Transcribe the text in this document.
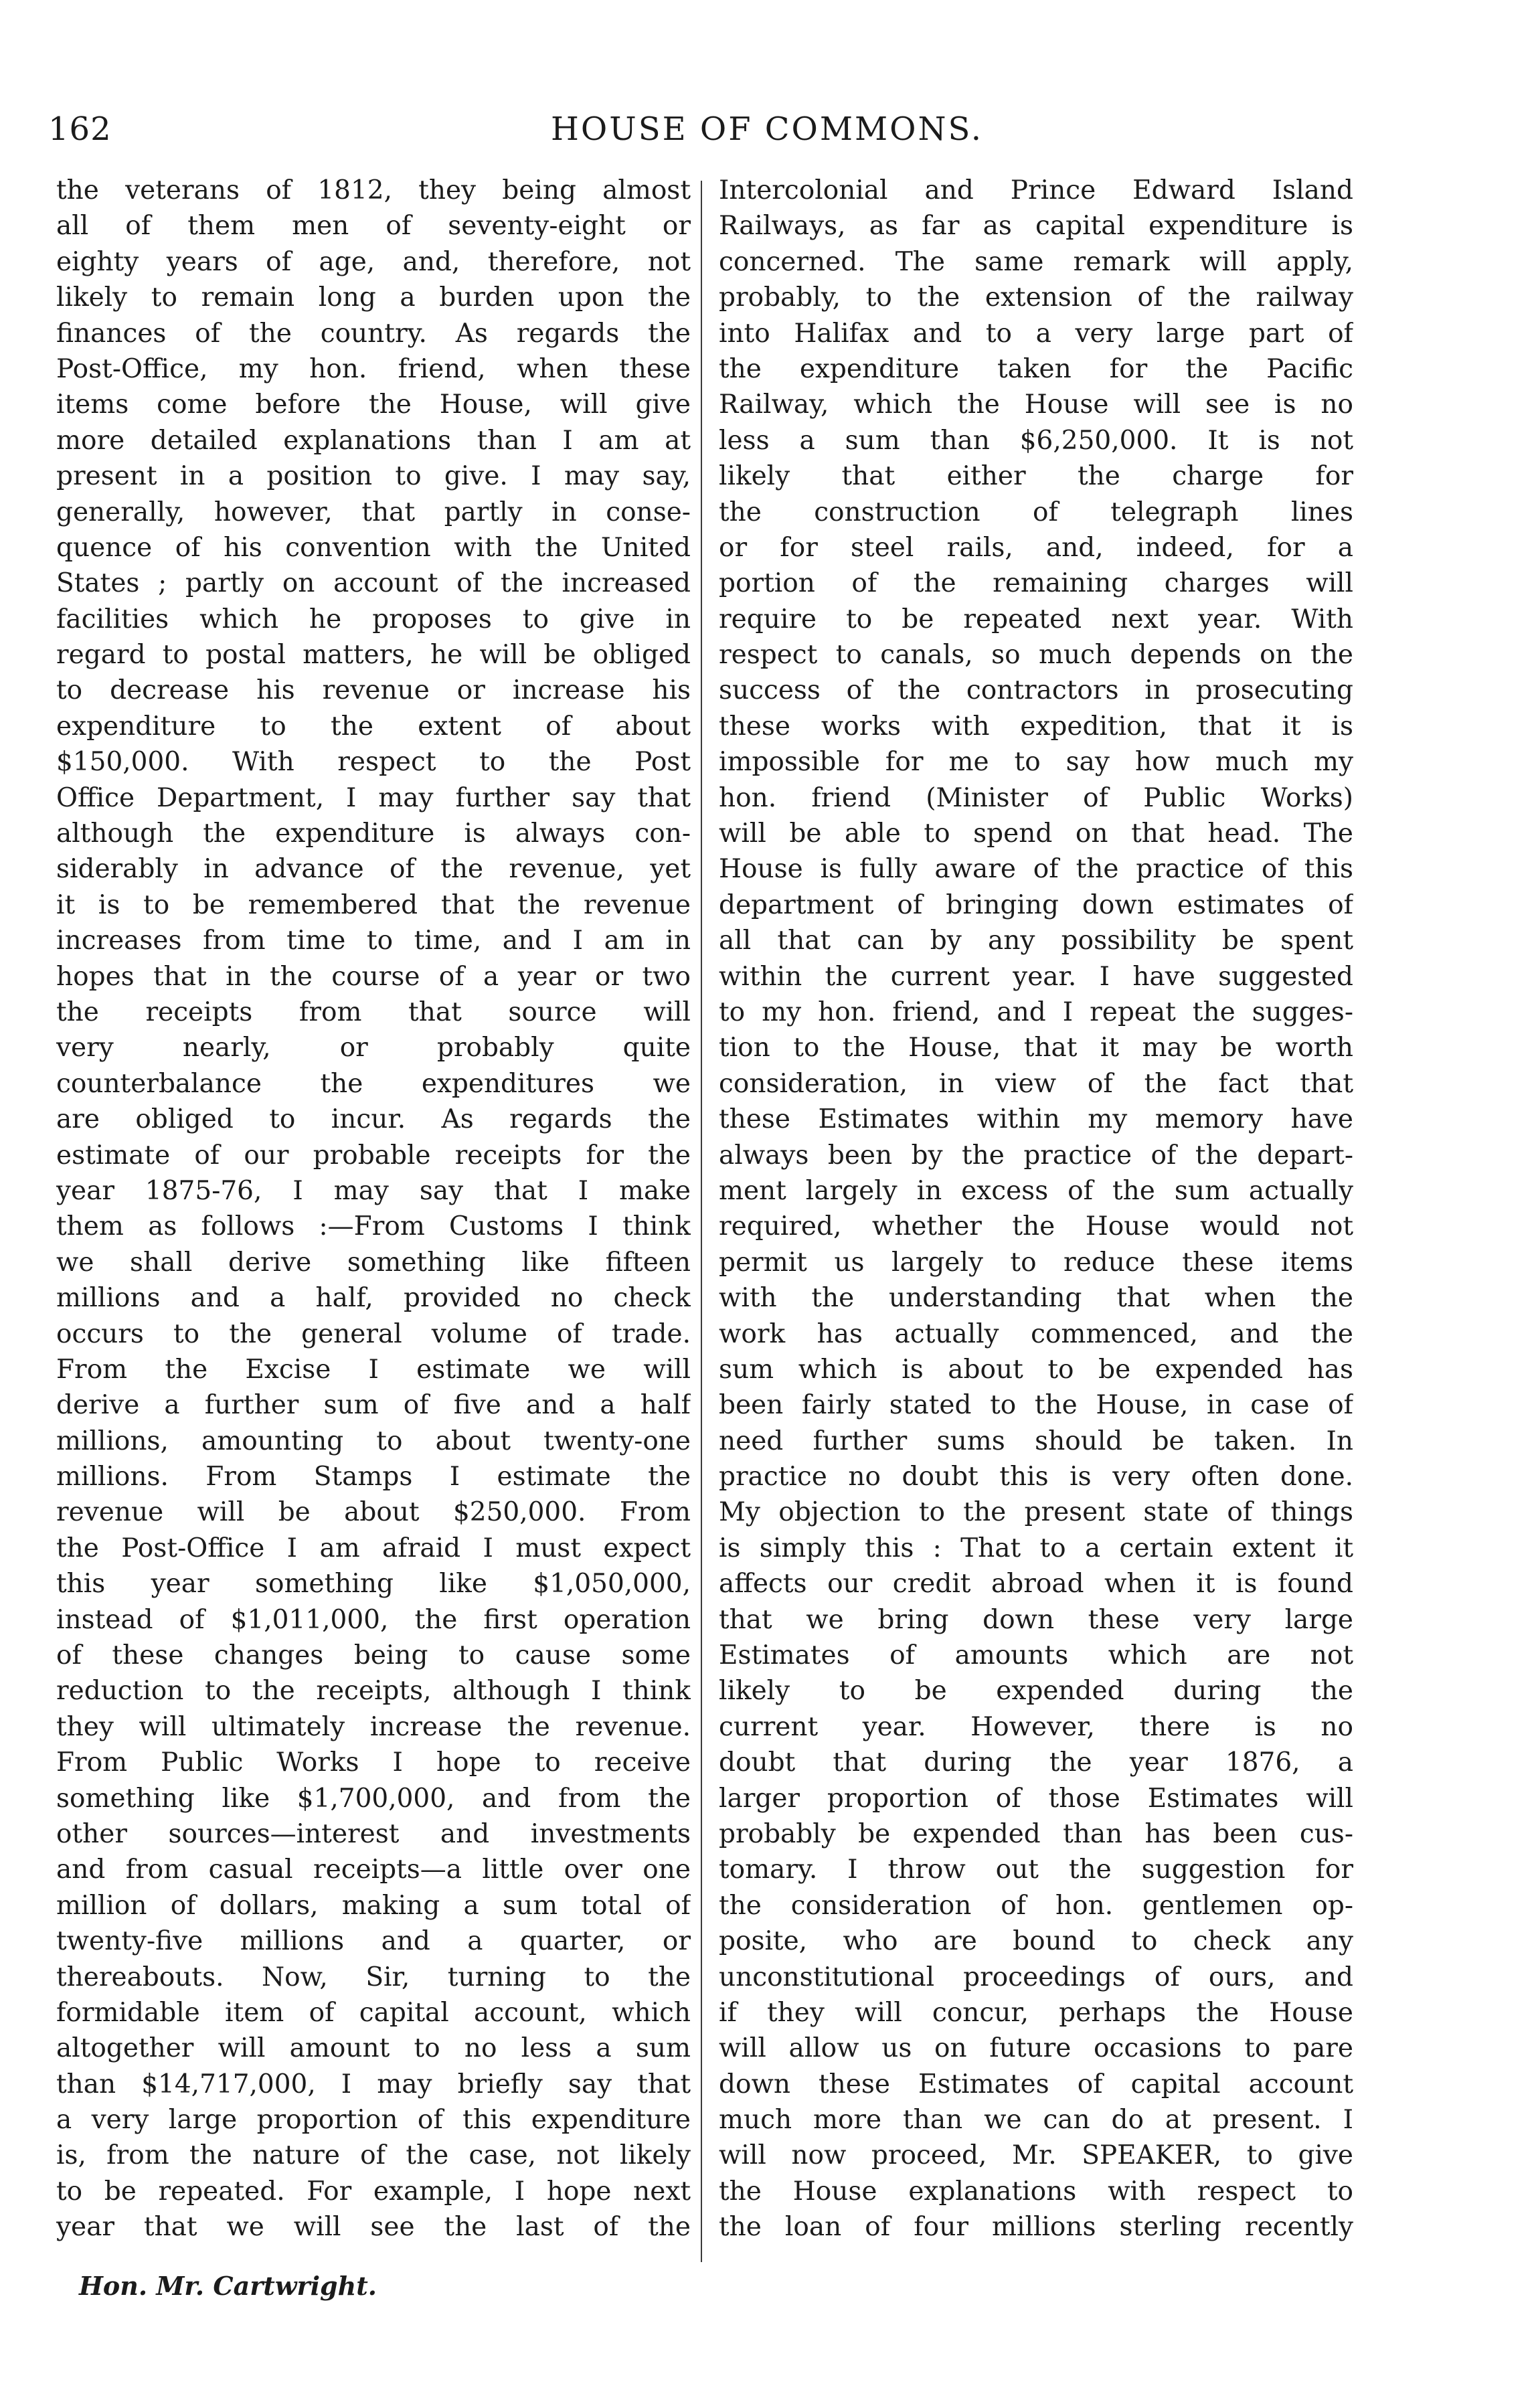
162	HOUSE OF COMMONS.
the veterans of 1812, they being almost
all of them men of seventy-eight or
eighty years of age, and, therefore, not
likely to remain long a burden upon the
finances of the country. As regards the
Post-Office, my hon. friend, when these
items come before the House, will give
more detailed explanations than I am at
present in a position to give. I may say,
generally, however, that partly in conse-
quence of his convention with the United
States ; partly on account of the increased
facilities which he proposes to give in
regard to postal matters, he will be obliged
to decrease his revenue or increase his
expenditure to the extent of about
$150,000. With respect to the Post
Office Department, I may further say that
although the expenditure is always con-
siderably in advance of the revenue, yet
it is to be remembered that the revenue
increases from time to time, and I am in
hopes that in the course of a year or two
the receipts from that source will
very nearly, or probably quite
counterbalance the expenditures we
are obliged to incur. As regards the
estimate of our probable receipts for the
year 1875-76, I may say that I make
them as follows :—From Customs I think
we shall derive something like fifteen
millions and a half, provided no check
occurs to the general volume of trade.
From the Excise I estimate we will
derive a further sum of five and a half
millions, amounting to about twenty-one
millions. From Stamps I estimate the
revenue will be about $250,000. From
the Post-Office I am afraid I must expect
this year something like $1,050,000,
instead of $1,011,000, the first operation
of these changes being to cause some
reduction to the receipts, although I think
they will ultimately increase the revenue.
From Public Works I hope to receive
something like $1,700,000, and from the
other sources—interest and investments
and from casual receipts—a little over one
million of dollars, making a sum total of
twenty-five millions and a quarter, or
thereabouts. Now, Sir, turning to the
formidable item of capital account, which
altogether will amount to no less a sum
than $14,717,000, I may briefly say that
a very large proportion of this expenditure
is, from the nature of the case, not likely
to be repeated. For example, I hope next
year that we will see the last of the
Intercolonial and Prince Edward Island
Railways, as far as capital expenditure is
concerned. The same remark will apply,
probably, to the extension of the railway
into Halifax and to a very large part of
the expenditure taken for the Pacific
Railway, which the House will see is no
less a sum than $6,250,000. It is not
likely that either the charge for
the construction of telegraph lines
or for steel rails, and, indeed, for a
portion of the remaining charges will
require to be repeated next year. With
respect to canals, so much depends on the
success of the contractors in prosecuting
these works with expedition, that it is
impossible for me to say how much my
hon. friend (Minister of Public Works)
will be able to spend on that head. The
House is fully aware of the practice of this
department of bringing down estimates of
all that can by any possibility be spent
within the current year. I have suggested
to my hon. friend, and I repeat the sugges-
tion to the House, that it may be worth
consideration, in view of the fact that
these Estimates within my memory have
always been by the practice of the depart-
ment largely in excess of the sum actually
required, whether the House would not
permit us largely to reduce these items
with the understanding that when the
work has actually commenced, and the
sum which is about to be expended has
been fairly stated to the House, in case of
need further sums should be taken. In
practice no doubt this is very often done.
My objection to the present state of things
is simply this : That to a certain extent it
affects our credit abroad when it is found
that we bring down these very large
Estimates of amounts which are not
likely to be expended during the
current year. However, there is no
doubt that during the year 1876, a
larger proportion of those Estimates will
probably be expended than has been cus-
tomary. I throw out the suggestion for
the consideration of hon. gentlemen op-
posite, who are bound to check any
unconstitutional proceedings of ours, and
if they will concur, perhaps the House
will allow us on future occasions to pare
down these Estimates of capital account
much more than we can do at present. I
will now proceed, Mr. SPEAKER, to give
the House explanations with respect to
the loan of four millions sterling recently
Hon. Mr. Cartwright.
